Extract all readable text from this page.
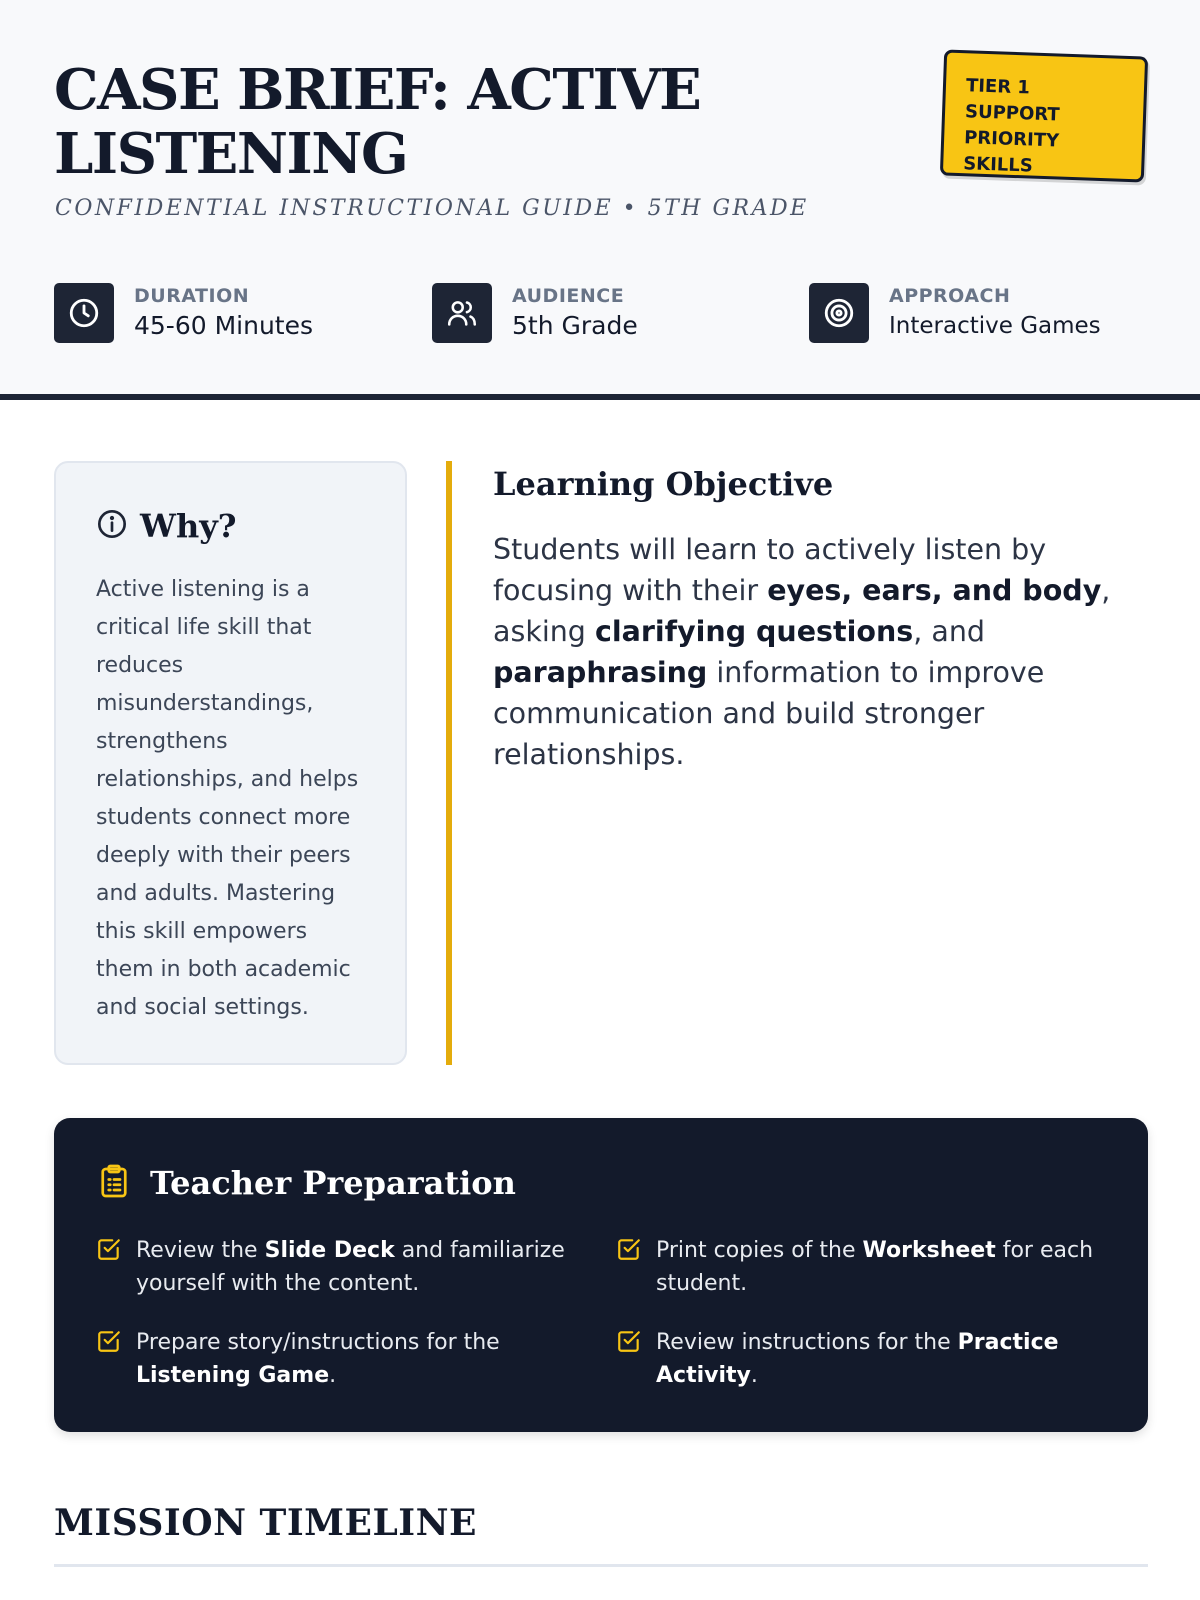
CASE BRIEF: ACTIVE LISTENING
CONFIDENTIAL INSTRUCTIONAL GUIDE • 5TH GRADE
TIER 1 SUPPORT
PRIORITY
SKILLS
DURATION
45-60 Minutes
AUDIENCE
5th Grade
APPROACH
Interactive Games
Why?

Active listening is a critical life skill that reduces misunderstandings, strengthens relationships, and helps students connect more deeply with their peers and adults. Mastering this skill empowers them in both academic and social settings.

Learning Objective

Students will learn to actively listen by focusing with their eyes, ears, and body, asking clarifying questions, and paraphrasing information to improve communication and build stronger relationships.

Teacher Preparation
Review the Slide Deck and familiarize yourself with the content.
Print copies of the Worksheet for each student.
Prepare story/instructions for the Listening Game.
Review instructions for the Practice Activity.
MISSION TIMELINE
